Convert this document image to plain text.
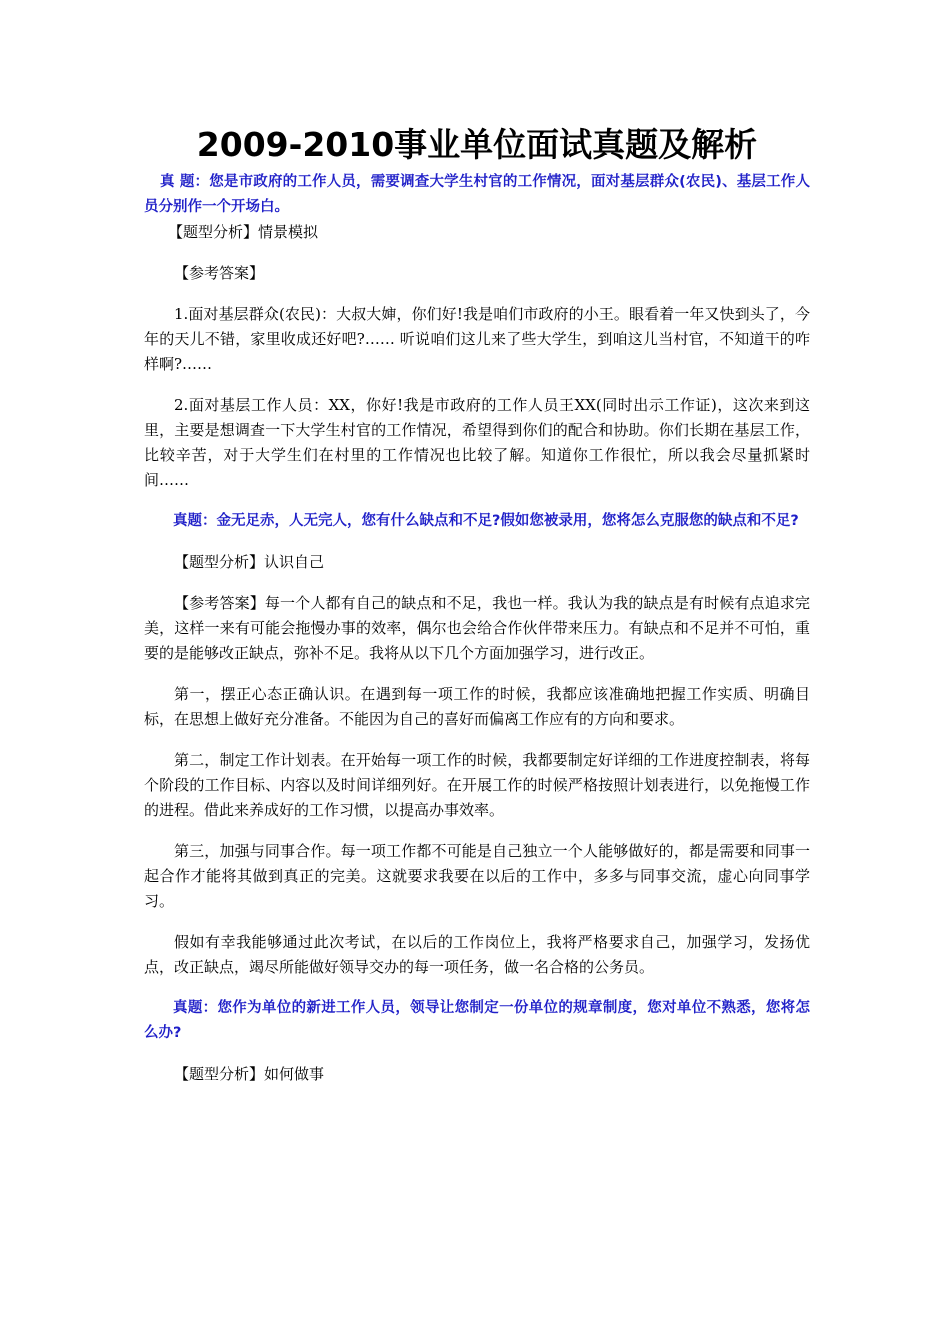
2009-2010事业单位面试真题及解析

真 题：您是市政府的工作人员，需要调查大学生村官的工作情况，面对基层群众(农民)、基层工作人员分别作一个开场白。

【题型分析】情景模拟

【参考答案】

1.面对基层群众(农民)：大叔大婶，你们好!我是咱们市政府的小王。眼看着一年又快到头了，今年的天儿不错，家里收成还好吧?…… 听说咱们这儿来了些大学生，到咱这儿当村官，不知道干的咋样啊?……

2.面对基层工作人员：XX，你好!我是市政府的工作人员王XX(同时出示工作证)，这次来到这里，主要是想调查一下大学生村官的工作情况，希望得到你们的配合和协助。你们长期在基层工作，比较辛苦，对于大学生们在村里的工作情况也比较了解。知道你工作很忙，所以我会尽量抓紧时间……

真题：金无足赤，人无完人，您有什么缺点和不足?假如您被录用，您将怎么克服您的缺点和不足?

【题型分析】认识自己

【参考答案】每一个人都有自己的缺点和不足，我也一样。我认为我的缺点是有时候有点追求完美，这样一来有可能会拖慢办事的效率，偶尔也会给合作伙伴带来压力。有缺点和不足并不可怕，重要的是能够改正缺点，弥补不足。我将从以下几个方面加强学习，进行改正。

第一，摆正心态正确认识。在遇到每一项工作的时候，我都应该准确地把握工作实质、明确目标，在思想上做好充分准备。不能因为自己的喜好而偏离工作应有的方向和要求。

第二，制定工作计划表。在开始每一项工作的时候，我都要制定好详细的工作进度控制表，将每个阶段的工作目标、内容以及时间详细列好。在开展工作的时候严格按照计划表进行，以免拖慢工作的进程。借此来养成好的工作习惯，以提高办事效率。

第三，加强与同事合作。每一项工作都不可能是自己独立一个人能够做好的，都是需要和同事一起合作才能将其做到真正的完美。这就要求我要在以后的工作中，多多与同事交流，虚心向同事学习。

假如有幸我能够通过此次考试，在以后的工作岗位上，我将严格要求自己，加强学习，发扬优点，改正缺点，竭尽所能做好领导交办的每一项任务，做一名合格的公务员。

真题：您作为单位的新进工作人员，领导让您制定一份单位的规章制度，您对单位不熟悉，您将怎么办?

【题型分析】如何做事
